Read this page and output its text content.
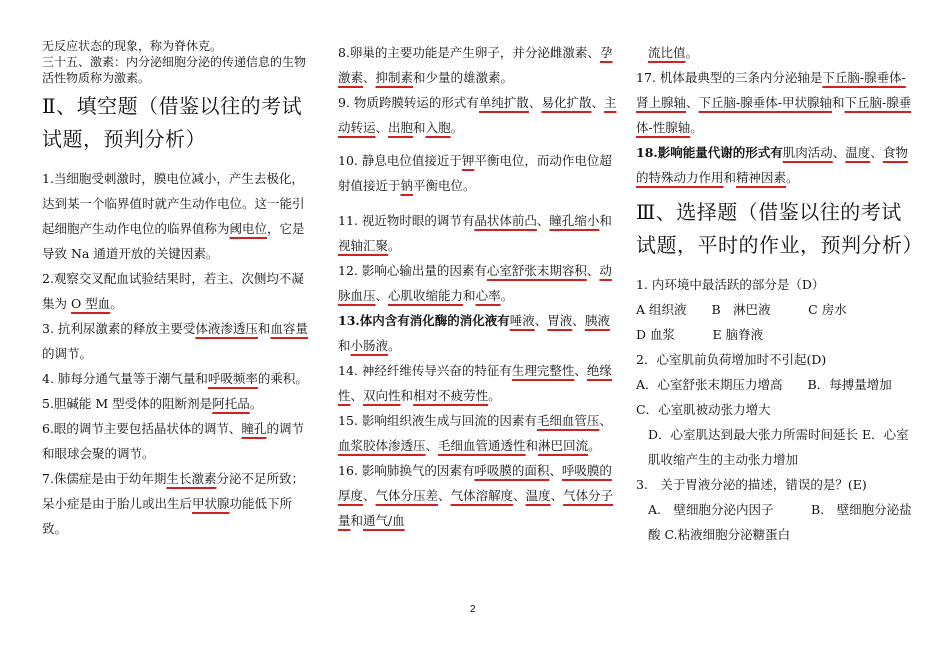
无反应状态的现象，称为脊休克。

三十五、激素：内分泌细胞分泌的传递信息的生物活性物质称为激素。

Ⅱ、填空题（借鉴以往的考试试题，预判分析）

1.当细胞受刺激时，膜电位减小，产生去极化，达到某一个临界值时就产生动作电位。这一能引起细胞产生动作电位的临界值称为阈电位，它是导致 Na 通道开放的关键因素。

2.观察交叉配血试验结果时，若主、次侧均不凝集为 O 型血。

3. 抗利尿激素的释放主要受体液渗透压和血容量的调节。

4. 肺每分通气量等于潮气量和呼吸频率的乘积。

5.胆碱能 M 型受体的阻断剂是阿托品。

6.眼的调节主要包括晶状体的调节、瞳孔的调节和眼球会聚的调节。

7.侏儒症是由于幼年期生长激素分泌不足所致；呆小症是由于胎儿或出生后甲状腺功能低下所致。

8.卵巢的主要功能是产生卵子，并分泌雌激素、孕激素、抑制素和少量的雄激素。

9. 物质跨膜转运的形式有单纯扩散、易化扩散、主动转运、出胞和入胞。

10. 静息电位值接近于钾平衡电位，而动作电位超射值接近于钠平衡电位。

11. 视近物时眼的调节有晶状体前凸、瞳孔缩小和视轴汇聚。

12. 影响心输出量的因素有心室舒张末期容积、动脉血压、心肌收缩能力和心率。

13.体内含有消化酶的消化液有唾液、胃液、胰液和小肠液。

14. 神经纤维传导兴奋的特征有生理完整性、绝缘性、双向性和相对不疲劳性。

15. 影响组织液生成与回流的因素有毛细血管压、血浆胶体渗透压、毛细血管通透性和淋巴回流。

16. 影响肺换气的因素有呼吸膜的面积、呼吸膜的厚度、气体分压差、气体溶解度、温度、气体分子量和通气/血

流比值。

17. 机体最典型的三条内分泌轴是下丘脑-腺垂体-肾上腺轴、下丘脑-腺垂体-甲状腺轴和下丘脑-腺垂体-性腺轴。

18.影响能量代谢的形式有肌肉活动、温度、食物的特殊动力作用和精神因素。

Ⅲ、选择题（借鉴以往的考试试题，平时的作业，预判分析）

1. 内环境中最活跃的部分是（D）

A 组织液　　B　淋巴液　　　C 房水

D 血浆　　　E 脑脊液

2．心室肌前负荷增加时不引起(D)

A．心室舒张末期压力增高　　B．每搏量增加

C．心室肌被动张力增大

D．心室肌达到最大张力所需时间延长 E．心室肌收缩产生的主动张力增加

3.　关于胃液分泌的描述，错误的是？(E)

A.　壁细胞分泌内因子　　　B.　壁细胞分泌盐酸 C.粘液细胞分泌糖蛋白

2
